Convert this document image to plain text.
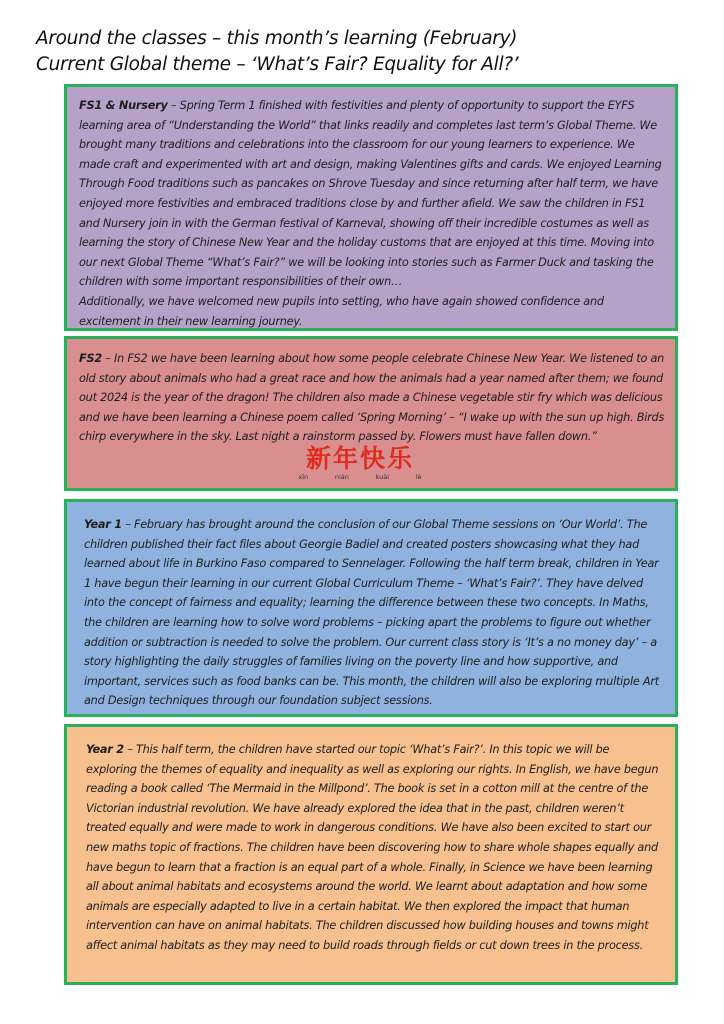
Around the classes – this month’s learning (February)
Current Global theme – ‘What’s Fair? Equality for All?’

FS1 & Nursery – Spring Term 1 finished with festivities and plenty of opportunity to support the EYFS learning area of “Understanding the World” that links readily and completes last term’s Global Theme. We brought many traditions and celebrations into the classroom for our young learners to experience. We made craft and experimented with art and design, making Valentines gifts and cards. We enjoyed Learning Through Food traditions such as pancakes on Shrove Tuesday and since returning after half term, we have enjoyed more festivities and embraced traditions close by and further afield. We saw the children in FS1 and Nursery join in with the German festival of Karneval, showing off their incredible costumes as well as learning the story of Chinese New Year and the holiday customs that are enjoyed at this time. Moving into our next Global Theme “What’s Fair?” we will be looking into stories such as Farmer Duck and tasking the children with some important responsibilities of their own…

Additionally, we have welcomed new pupils into setting, who have again showed confidence and excitement in their new learning journey.

FS2 – In FS2 we have been learning about how some people celebrate Chinese New Year. We listened to an old story about animals who had a great race and how the animals had a year named after them; we found out 2024 is the year of the dragon! The children also made a Chinese vegetable stir fry which was delicious and we have been learning a Chinese poem called ‘Spring Morning’ – “I wake up with the sun up high. Birds chirp everywhere in the sky. Last night a rainstorm passed by. Flowers must have fallen down.”

新年快乐
xīn	nián	kuài	lè

Year 1 – February has brought around the conclusion of our Global Theme sessions on ‘Our World’. The children published their fact files about Georgie Badiel and created posters showcasing what they had learned about life in Burkino Faso compared to Sennelager. Following the half term break, children in Year 1 have begun their learning in our current Global Curriculum Theme – ‘What’s Fair?’. They have delved into the concept of fairness and equality; learning the difference between these two concepts. In Maths, the children are learning how to solve word problems – picking apart the problems to figure out whether addition or subtraction is needed to solve the problem. Our current class story is ‘It’s a no money day’ – a story highlighting the daily struggles of families living on the poverty line and how supportive, and important, services such as food banks can be. This month, the children will also be exploring multiple Art and Design techniques through our foundation subject sessions.

Year 2 – This half term, the children have started our topic ‘What’s Fair?’. In this topic we will be exploring the themes of equality and inequality as well as exploring our rights. In English, we have begun reading a book called ‘The Mermaid in the Millpond’. The book is set in a cotton mill at the centre of the Victorian industrial revolution. We have already explored the idea that in the past, children weren’t treated equally and were made to work in dangerous conditions. We have also been excited to start our new maths topic of fractions. The children have been discovering how to share whole shapes equally and have begun to learn that a fraction is an equal part of a whole. Finally, in Science we have been learning all about animal habitats and ecosystems around the world. We learnt about adaptation and how some animals are especially adapted to live in a certain habitat. We then explored the impact that human intervention can have on animal habitats. The children discussed how building houses and towns might affect animal habitats as they may need to build roads through fields or cut down trees in the process.
